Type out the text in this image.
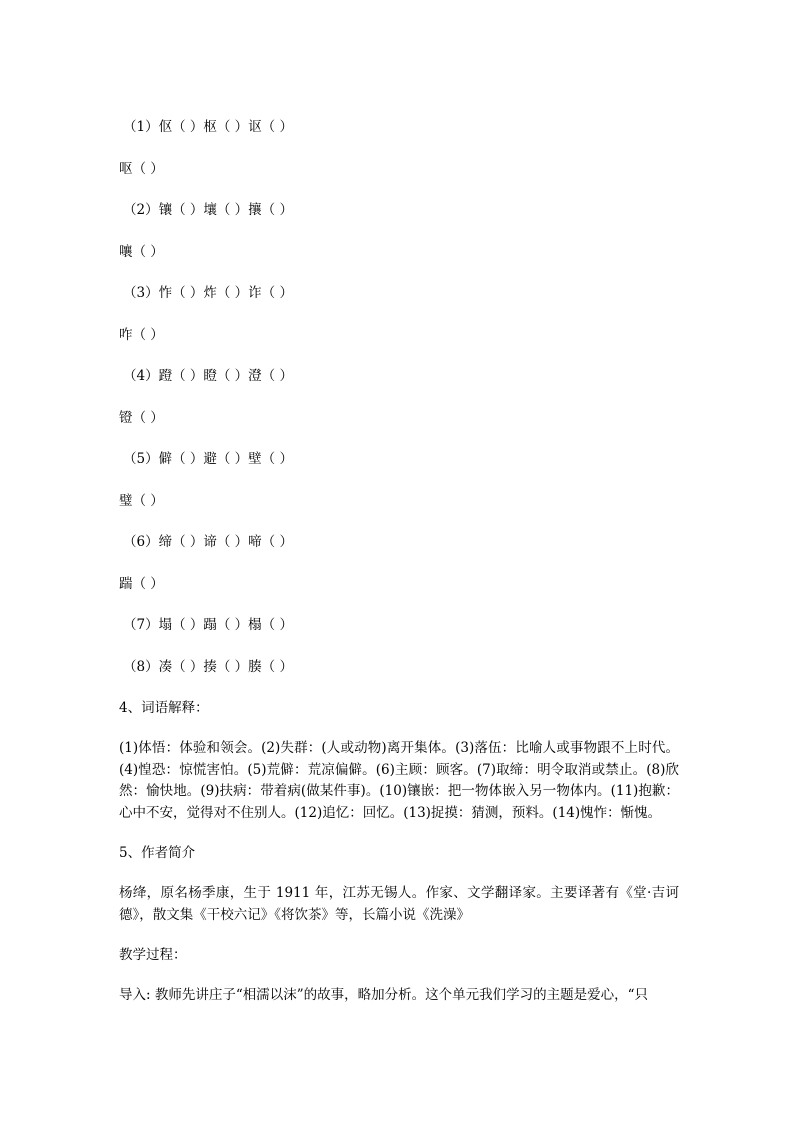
（1）伛（ ）枢（ ）讴（ ）

呕（ ）

（2）镶（ ）壤（ ）攘（ ）

嚷（ ）

（3）怍（ ）炸（ ）诈（ ）

咋（ ）

（4）蹬（ ）瞪（ ）澄（ ）

镫（ ）

（5）僻（ ）避（ ）壁（ ）

璧（ ）

（6）缔（ ）谛（ ）啼（ ）

踹（ ）

（7）塌（ ）蹋（ ）榻（ ）

（8）凑（ ）揍（ ）腠（ ）

4、词语解释：

(1)体悟：体验和领会。(2)失群：(人或动物)离开集体。(3)落伍：比喻人或事物跟不上时代。(4)惶恐：惊慌害怕。(5)荒僻：荒凉偏僻。(6)主顾：顾客。(7)取缔：明令取消或禁止。(8)欣然：愉快地。(9)扶病：带着病(做某件事)。(10)镶嵌：把一物体嵌入另一物体内。(11)抱歉：心中不安，觉得对不住别人。(12)追忆：回忆。(13)捉摸：猜测，预料。(14)愧怍：惭愧。

5、作者简介

杨绛，原名杨季康，生于 1911 年，江苏无锡人。作家、文学翻译家。主要译著有《堂·吉诃德》，散文集《干校六记》《将饮茶》等，长篇小说《洗澡》

教学过程：

导入: 教师先讲庄子“相濡以沫”的故事，略加分析。这个单元我们学习的主题是爱心，“只
